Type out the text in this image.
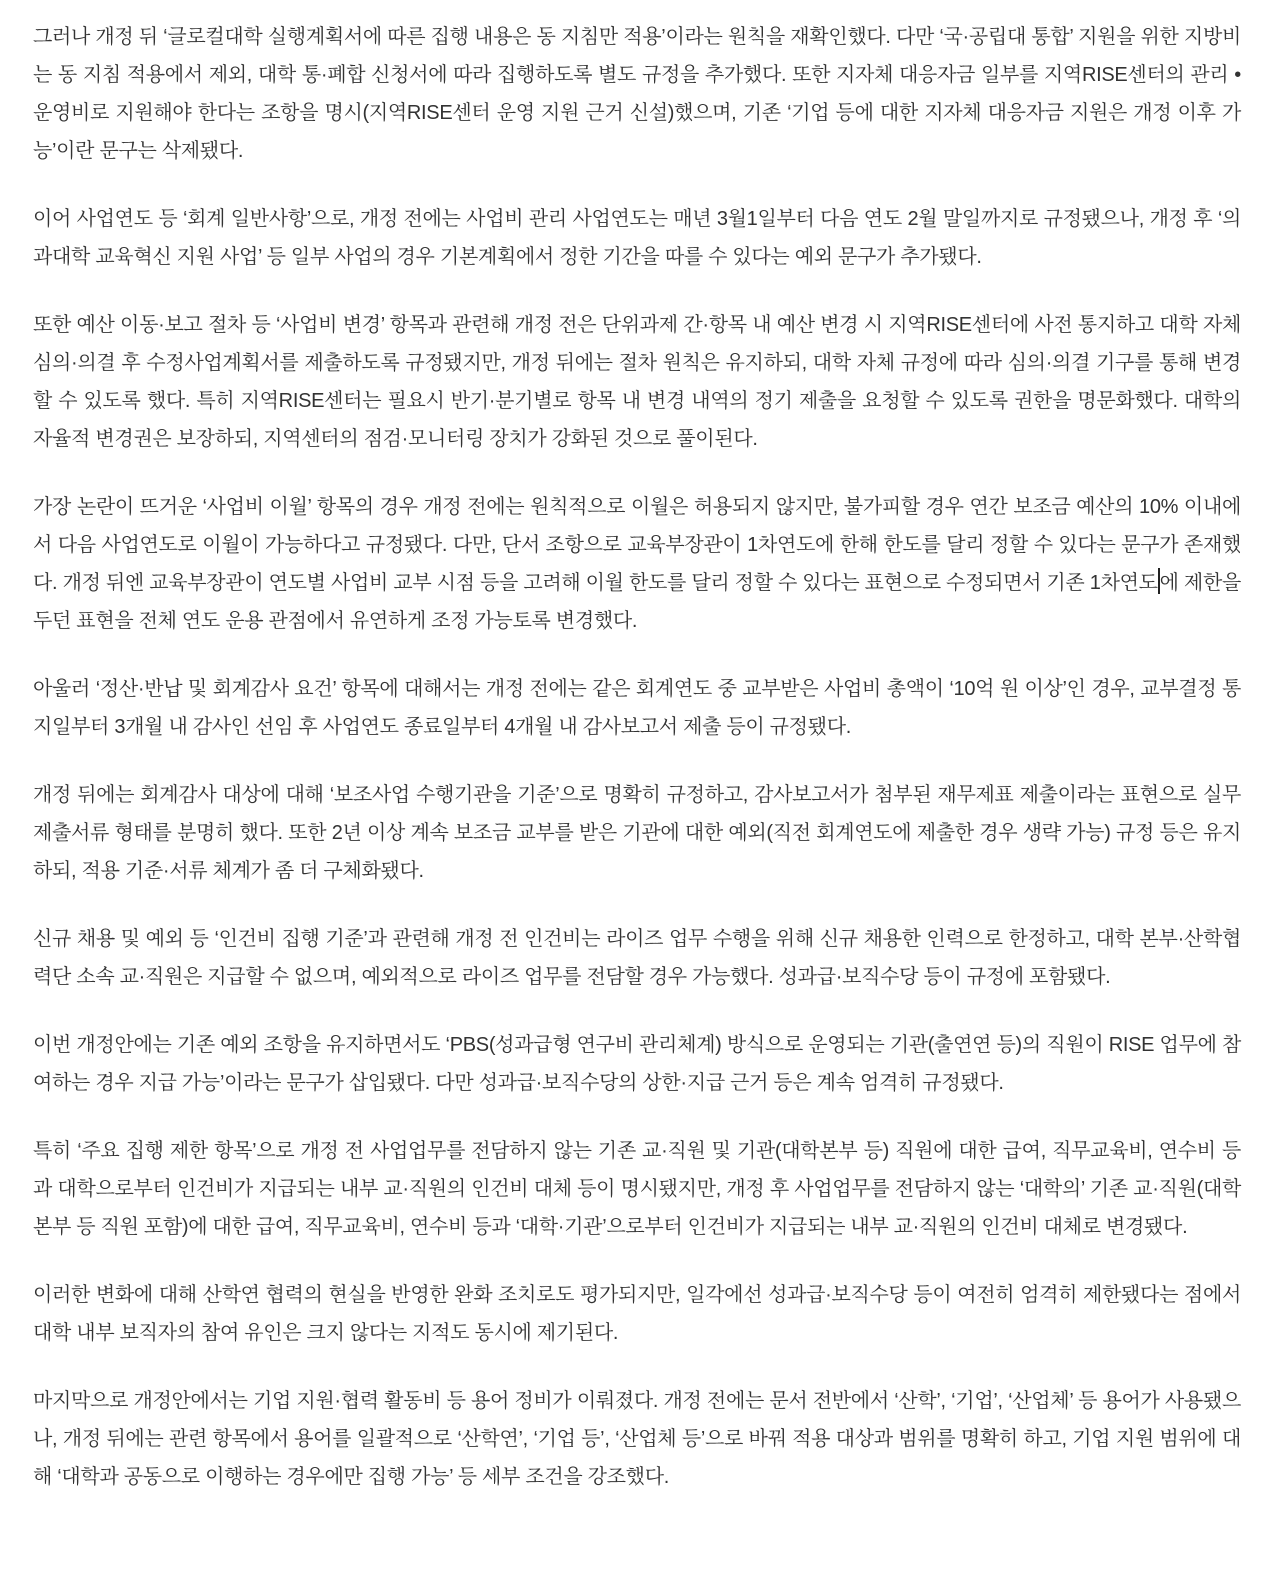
그러나 개정 뒤 ‘글로컬대학 실행계획서에 따른 집행 내용은 동 지침만 적용’이라는 원칙을 재확인했다. 다만 ‘국·공립대 통합’ 지원을 위한 지방비는 동 지침 적용에서 제외, 대학 통·폐합 신청서에 따라 집행하도록 별도 규정을 추가했다. 또한 지자체 대응자금 일부를 지역RISE센터의 관리 • 운영비로 지원해야 한다는 조항을 명시(지역RISE센터 운영 지원 근거 신설)했으며, 기존 ‘기업 등에 대한 지자체 대응자금 지원은 개정 이후 가능’이란 문구는 삭제됐다.

이어 사업연도 등 ‘회계 일반사항’으로, 개정 전에는 사업비 관리 사업연도는 매년 3월1일부터 다음 연도 2월 말일까지로 규정됐으나, 개정 후 ‘의과대학 교육혁신 지원 사업’ 등 일부 사업의 경우 기본계획에서 정한 기간을 따를 수 있다는 예외 문구가 추가됐다.

또한 예산 이동·보고 절차 등 ‘사업비 변경’ 항목과 관련해 개정 전은 단위과제 간·항목 내 예산 변경 시 지역RISE센터에 사전 통지하고 대학 자체 심의·의결 후 수정사업계획서를 제출하도록 규정됐지만, 개정 뒤에는 절차 원칙은 유지하되, 대학 자체 규정에 따라 심의·의결 기구를 통해 변경할 수 있도록 했다. 특히 지역RISE센터는 필요시 반기·분기별로 항목 내 변경 내역의 정기 제출을 요청할 수 있도록 권한을 명문화했다. 대학의 자율적 변경권은 보장하되, 지역센터의 점검·모니터링 장치가 강화된 것으로 풀이된다.

가장 논란이 뜨거운 ‘사업비 이월’ 항목의 경우 개정 전에는 원칙적으로 이월은 허용되지 않지만, 불가피할 경우 연간 보조금 예산의 10% 이내에서 다음 사업연도로 이월이 가능하다고 규정됐다. 다만, 단서 조항으로 교육부장관이 1차연도에 한해 한도를 달리 정할 수 있다는 문구가 존재했다. 개정 뒤엔 교육부장관이 연도별 사업비 교부 시점 등을 고려해 이월 한도를 달리 정할 수 있다는 표현으로 수정되면서 기존 1차연도 에 제한을 두던 표현을 전체 연도 운용 관점에서 유연하게 조정 가능토록 변경했다.

아울러 ‘정산·반납 및 회계감사 요건’ 항목에 대해서는 개정 전에는 같은 회계연도 중 교부받은 사업비 총액이 ‘10억 원 이상’인 경우, 교부결정 통지일부터 3개월 내 감사인 선임 후 사업연도 종료일부터 4개월 내 감사보고서 제출 등이 규정됐다.

개정 뒤에는 회계감사 대상에 대해 ‘보조사업 수행기관을 기준’으로 명확히 규정하고, 감사보고서가 첨부된 재무제표 제출이라는 표현으로 실무 제출서류 형태를 분명히 했다. 또한 2년 이상 계속 보조금 교부를 받은 기관에 대한 예외(직전 회계연도에 제출한 경우 생략 가능) 규정 등은 유지하되, 적용 기준·서류 체계가 좀 더 구체화됐다.

신규 채용 및 예외 등 ‘인건비 집행 기준’과 관련해 개정 전 인건비는 라이즈 업무 수행을 위해 신규 채용한 인력으로 한정하고, 대학 본부·산학협력단 소속 교·직원은 지급할 수 없으며, 예외적으로 라이즈 업무를 전담할 경우 가능했다. 성과급·보직수당 등이 규정에 포함됐다.

이번 개정안에는 기존 예외 조항을 유지하면서도 ‘PBS(성과급형 연구비 관리체계) 방식으로 운영되는 기관(출연연 등)의 직원이 RISE 업무에 참여하는 경우 지급 가능’이라는 문구가 삽입됐다. 다만 성과급·보직수당의 상한·지급 근거 등은 계속 엄격히 규정됐다.

특히 ‘주요 집행 제한 항목’으로 개정 전 사업업무를 전담하지 않는 기존 교·직원 및 기관(대학본부 등) 직원에 대한 급여, 직무교육비, 연수비 등과 대학으로부터 인건비가 지급되는 내부 교·직원의 인건비 대체 등이 명시됐지만, 개정 후 사업업무를 전담하지 않는 ‘대학의’ 기존 교·직원(대학본부 등 직원 포함)에 대한 급여, 직무교육비, 연수비 등과 ‘대학·기관’으로부터 인건비가 지급되는 내부 교·직원의 인건비 대체로 변경됐다.

이러한 변화에 대해 산학연 협력의 현실을 반영한 완화 조치로도 평가되지만, 일각에선 성과급·보직수당 등이 여전히 엄격히 제한됐다는 점에서 대학 내부 보직자의 참여 유인은 크지 않다는 지적도 동시에 제기된다.

마지막으로 개정안에서는 기업 지원·협력 활동비 등 용어 정비가 이뤄졌다. 개정 전에는 문서 전반에서 ‘산학’, ‘기업’, ‘산업체’ 등 용어가 사용됐으나, 개정 뒤에는 관련 항목에서 용어를 일괄적으로 ‘산학연’, ‘기업 등’, ‘산업체 등’으로 바꿔 적용 대상과 범위를 명확히 하고, 기업 지원 범위에 대해 ‘대학과 공동으로 이행하는 경우에만 집행 가능’ 등 세부 조건을 강조했다.
